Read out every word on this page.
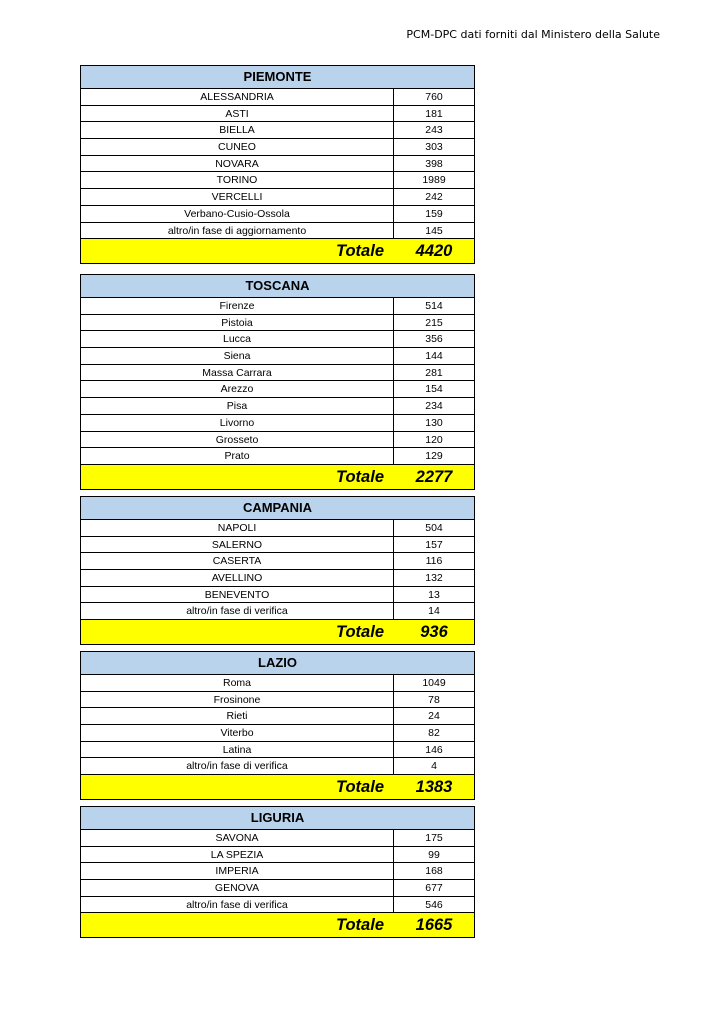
PCM-DPC dati forniti dal Ministero della Salute
PIEMONTE
ALESSANDRIA	760
ASTI	181
BIELLA	243
CUNEO	303
NOVARA	398
TORINO	1989
VERCELLI	242
Verbano-Cusio-Ossola	159
altro/in fase di aggiornamento	145
Totale	4420
TOSCANA
Firenze	514
Pistoia	215
Lucca	356
Siena	144
Massa Carrara	281
Arezzo	154
Pisa	234
Livorno	130
Grosseto	120
Prato	129
Totale	2277
CAMPANIA
NAPOLI	504
SALERNO	157
CASERTA	116
AVELLINO	132
BENEVENTO	13
altro/in fase di verifica	14
Totale	936
LAZIO
Roma	1049
Frosinone	78
Rieti	24
Viterbo	82
Latina	146
altro/in fase di verifica	4
Totale	1383
LIGURIA
SAVONA	175
LA SPEZIA	99
IMPERIA	168
GENOVA	677
altro/in fase di verifica	546
Totale	1665
